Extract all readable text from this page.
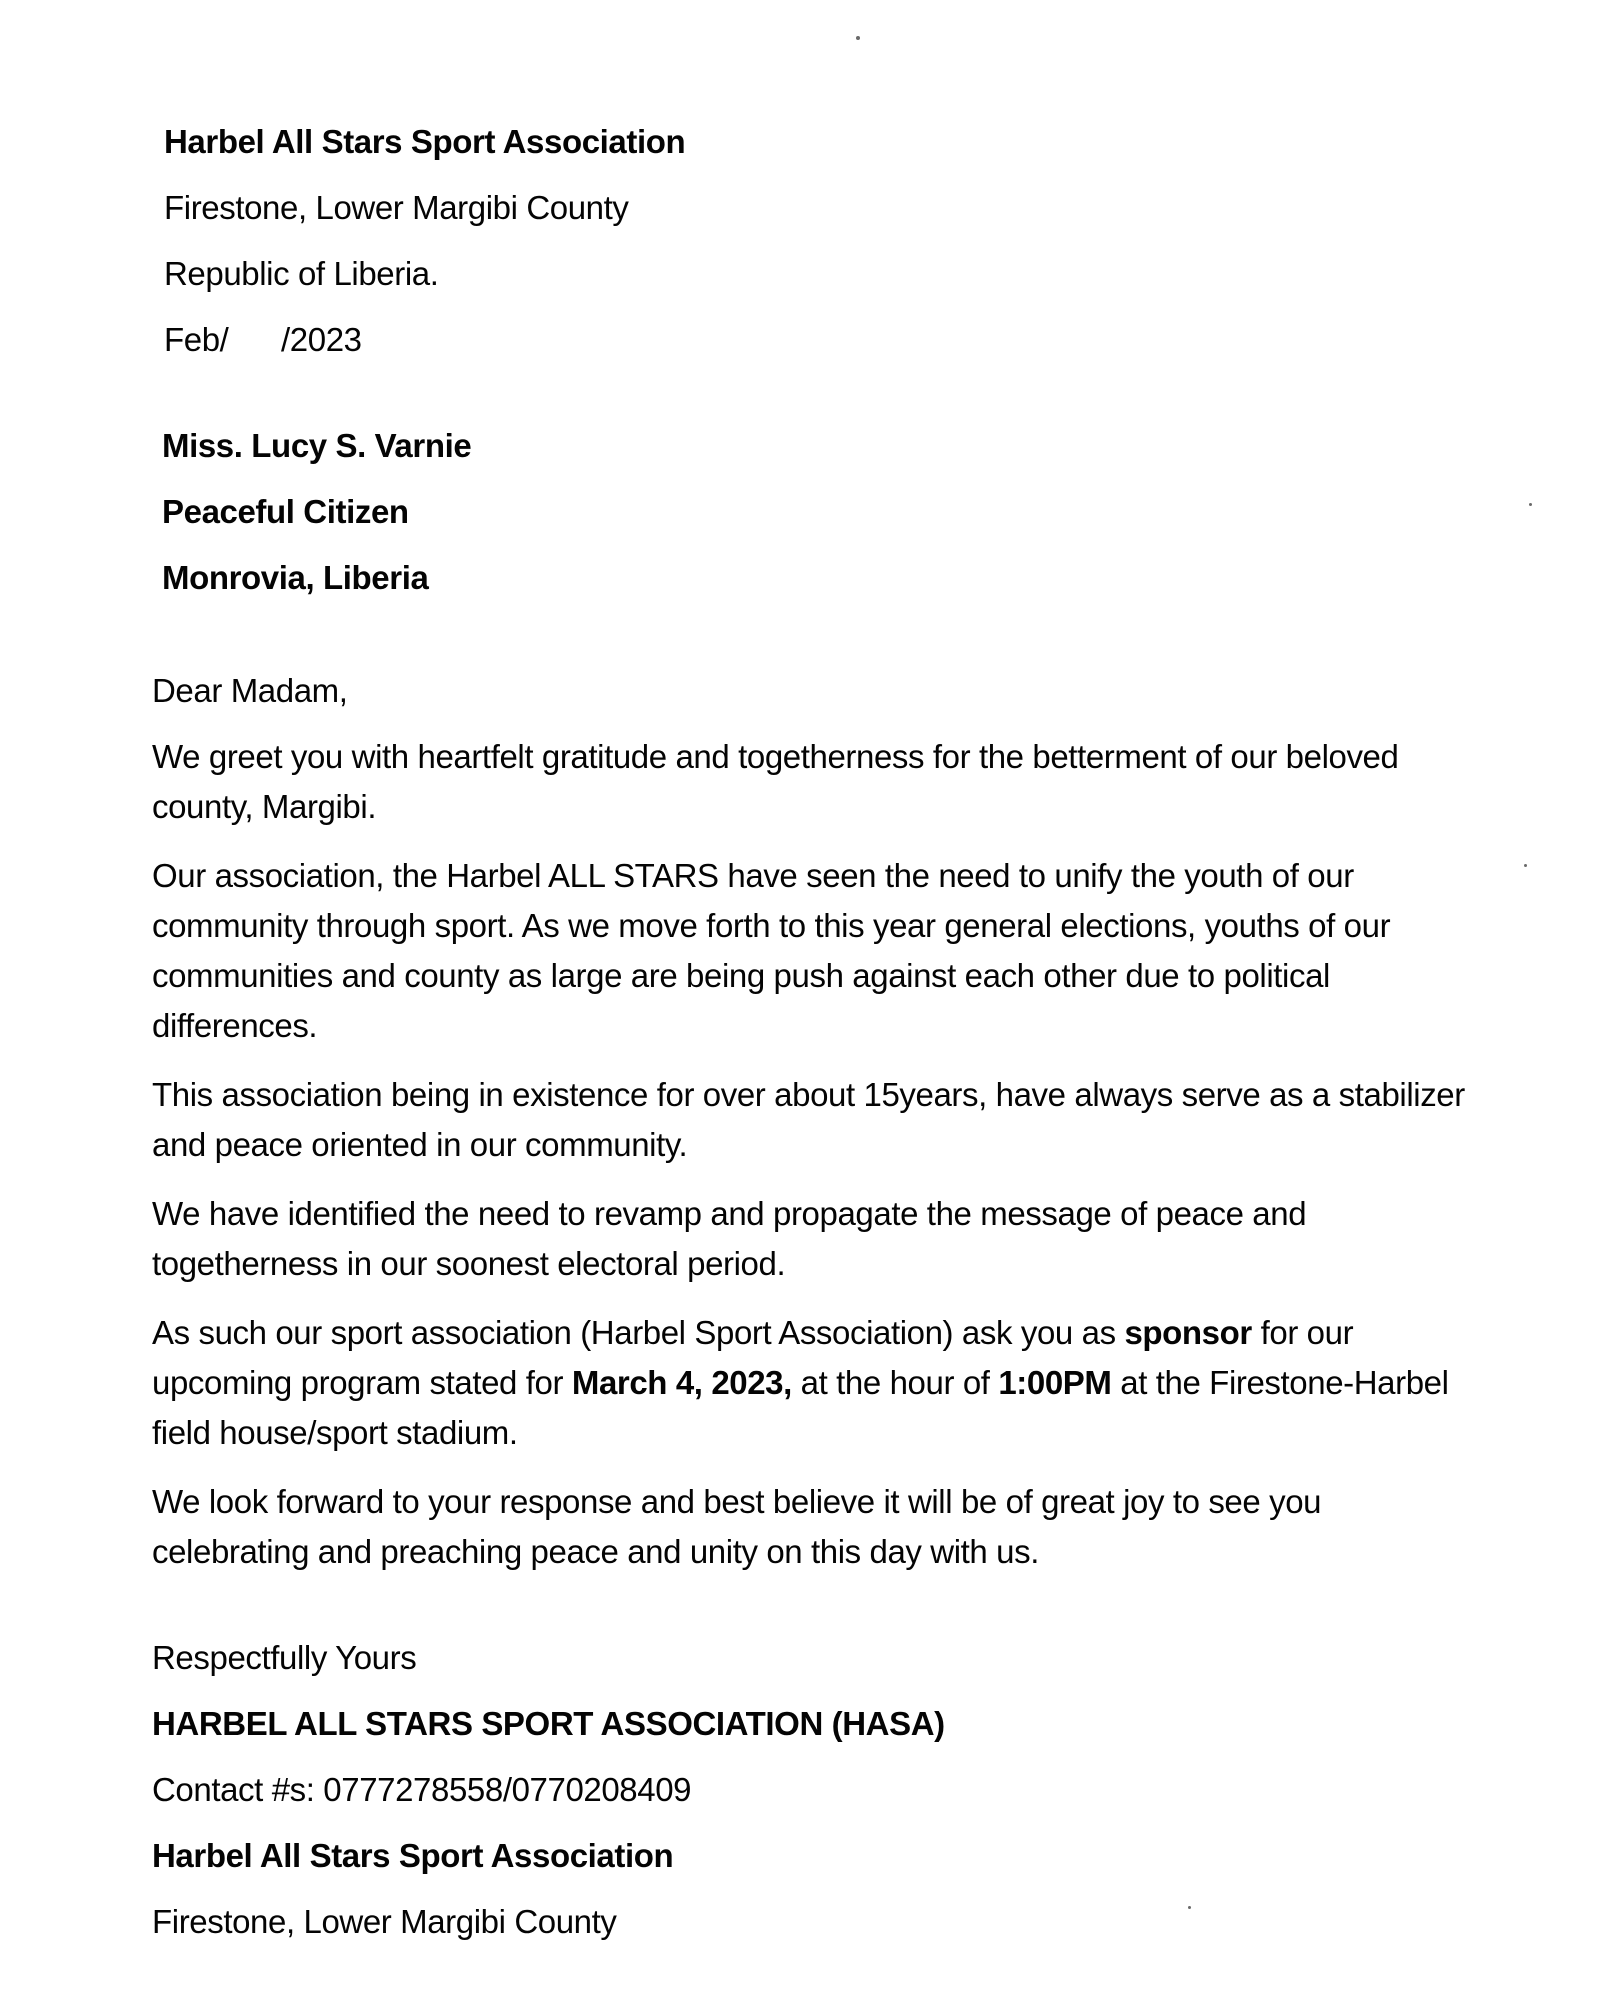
Harbel All Stars Sport Association

Firestone, Lower Margibi County

Republic of Liberia.

Feb/      /2023

Miss. Lucy S. Varnie

Peaceful Citizen

Monrovia, Liberia

Dear Madam,

We greet you with heartfelt gratitude and togetherness for the betterment of our beloved county, Margibi.

Our association, the Harbel ALL STARS have seen the need to unify the youth of our community through sport. As we move forth to this year general elections, youths of our communities and county as large are being push against each other due to political differences.

This association being in existence for over about 15years, have always serve as a stabilizer and peace oriented in our community.

We have identified the need to revamp and propagate the message of peace and togetherness in our soonest electoral period.

As such our sport association (Harbel Sport Association) ask you as sponsor for our upcoming program stated for March 4, 2023, at the hour of 1:00PM at the Firestone-Harbel field house/sport stadium.

We look forward to your response and best believe it will be of great joy to see you celebrating and preaching peace and unity on this day with us.

Respectfully Yours

HARBEL ALL STARS SPORT ASSOCIATION (HASA)

Contact #s: 0777278558/0770208409

Harbel All Stars Sport Association

Firestone, Lower Margibi County
